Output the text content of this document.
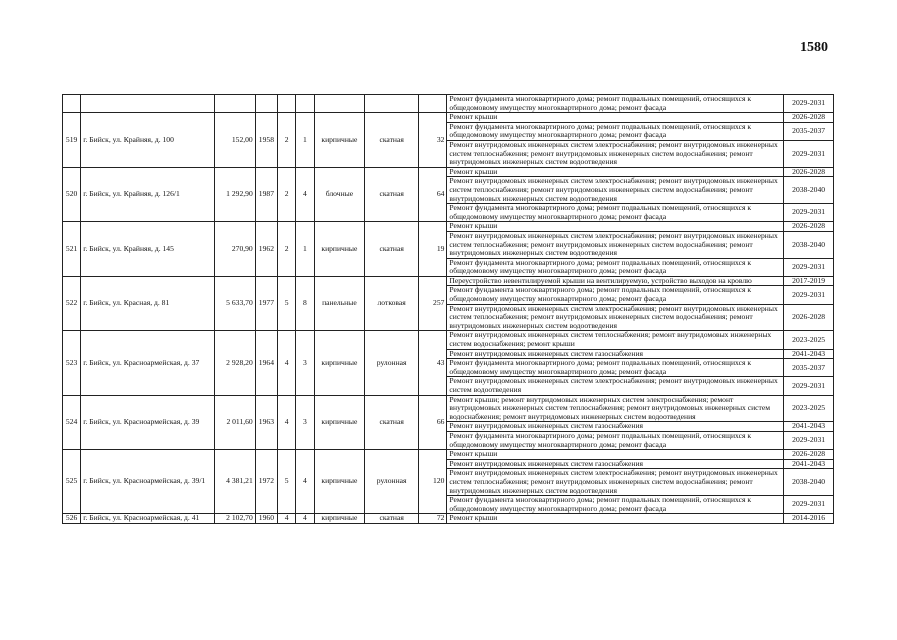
1580
									Ремонт фундамента многоквартирного дома; ремонт подвальных помещений, относящихся к общедомовому имуществу многоквартирного дома; ремонт фасада	2029-2031
519	г. Бийск, ул. Крайняя, д. 100	152,00	1958	2	1	кирпичные	скатная	32	Ремонт крыши	2026-2028
									Ремонт фундамента многоквартирного дома; ремонт подвальных помещений, относящихся к общедомовому имуществу многоквартирного дома; ремонт фасада	2035-2037
									Ремонт внутридомовых инженерных систем электроснабжения; ремонт внутридомовых инженерных систем теплоснабжения; ремонт внутридомовых инженерных систем водоснабжения; ремонт внутридомовых инженерных систем водоотведения	2029-2031
520	г. Бийск, ул. Крайняя, д. 126/1	1 292,90	1987	2	4	блочные	скатная	64	Ремонт крыши	2026-2028
									Ремонт внутридомовых инженерных систем электроснабжения; ремонт внутридомовых инженерных систем теплоснабжения; ремонт внутридомовых инженерных систем водоснабжения; ремонт внутридомовых инженерных систем водоотведения	2038-2040
									Ремонт фундамента многоквартирного дома; ремонт подвальных помещений, относящихся к общедомовому имуществу многоквартирного дома; ремонт фасада	2029-2031
521	г. Бийск, ул. Крайняя, д. 145	270,90	1962	2	1	кирпичные	скатная	19	Ремонт крыши	2026-2028
									Ремонт внутридомовых инженерных систем электроснабжения; ремонт внутридомовых инженерных систем теплоснабжения; ремонт внутридомовых инженерных систем водоснабжения; ремонт внутридомовых инженерных систем водоотведения	2038-2040
									Ремонт фундамента многоквартирного дома; ремонт подвальных помещений, относящихся к общедомовому имуществу многоквартирного дома; ремонт фасада	2029-2031
522	г. Бийск, ул. Красная, д. 81	5 633,70	1977	5	8	панельные	лотковая	257	Переустройство невентилируемой крыши на вентилируемую, устройство выходов на кровлю	2017-2019
									Ремонт фундамента многоквартирного дома; ремонт подвальных помещений, относящихся к общедомовому имуществу многоквартирного дома; ремонт фасада	2029-2031
									Ремонт внутридомовых инженерных систем электроснабжения; ремонт внутридомовых инженерных систем теплоснабжения; ремонт внутридомовых инженерных систем водоснабжения; ремонт внутридомовых инженерных систем водоотведения	2026-2028
523	г. Бийск, ул. Красноармейская, д. 37	2 928,20	1964	4	3	кирпичные	рулонная	43	Ремонт внутридомовых инженерных систем теплоснабжения; ремонт внутридомовых инженерных систем водоснабжения; ремонт крыши	2023-2025
									Ремонт внутридомовых инженерных систем газоснабжения	2041-2043
									Ремонт фундамента многоквартирного дома; ремонт подвальных помещений, относящихся к общедомовому имуществу многоквартирного дома; ремонт фасада	2035-2037
									Ремонт внутридомовых инженерных систем электроснабжения; ремонт внутридомовых инженерных систем водоотведения	2029-2031
524	г. Бийск, ул. Красноармейская, д. 39	2 011,60	1963	4	3	кирпичные	скатная	66	Ремонт крыши; ремонт внутридомовых инженерных систем электроснабжения; ремонт внутридомовых инженерных систем теплоснабжения; ремонт внутридомовых инженерных систем водоснабжения; ремонт внутридомовых инженерных систем водоотведения	2023-2025
									Ремонт внутридомовых инженерных систем газоснабжения	2041-2043
									Ремонт фундамента многоквартирного дома; ремонт подвальных помещений, относящихся к общедомовому имуществу многоквартирного дома; ремонт фасада	2029-2031
525	г. Бийск, ул. Красноармейская, д. 39/1	4 381,21	1972	5	4	кирпичные	рулонная	120	Ремонт крыши	2026-2028
									Ремонт внутридомовых инженерных систем газоснабжения	2041-2043
									Ремонт внутридомовых инженерных систем электроснабжения; ремонт внутридомовых инженерных систем теплоснабжения; ремонт внутридомовых инженерных систем водоснабжения; ремонт внутридомовых инженерных систем водоотведения	2038-2040
									Ремонт фундамента многоквартирного дома; ремонт подвальных помещений, относящихся к общедомовому имуществу многоквартирного дома; ремонт фасада	2029-2031
526	г. Бийск, ул. Красноармейская, д. 41	2 102,70	1960	4	4	кирпичные	скатная	72	Ремонт крыши	2014-2016
